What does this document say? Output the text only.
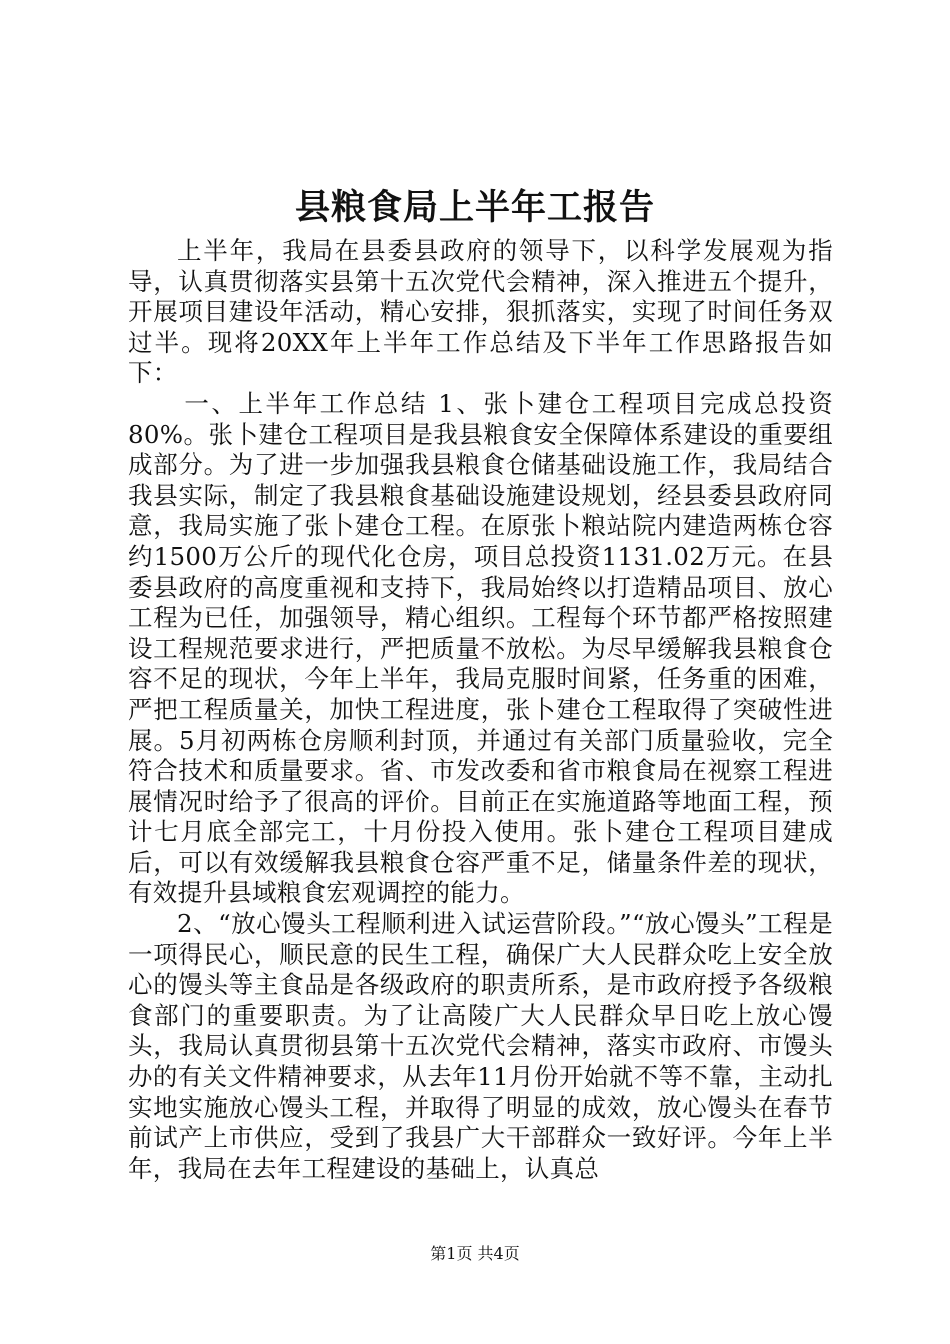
县粮食局上半年工报告

上半年，我局在县委县政府的领导下，以科学发展观为指导，认真贯彻落实县第十五次党代会精神，深入推进五个提升，开展项目建设年活动，精心安排，狠抓落实，实现了时间任务双过半。现将20XX年上半年工作总结及下半年工作思路报告如下：

一、上半年工作总结 1、张卜建仓工程项目完成总投资80%。张卜建仓工程项目是我县粮食安全保障体系建设的重要组成部分。为了进一步加强我县粮食仓储基础设施工作，我局结合我县实际，制定了我县粮食基础设施建设规划，经县委县政府同意，我局实施了张卜建仓工程。在原张卜粮站院内建造两栋仓容约1500万公斤的现代化仓房，项目总投资1131.02万元。在县委县政府的高度重视和支持下，我局始终以打造精品项目、放心工程为已任，加强领导，精心组织。工程每个环节都严格按照建设工程规范要求进行，严把质量不放松。为尽早缓解我县粮食仓容不足的现状，今年上半年，我局克服时间紧，任务重的困难，严把工程质量关，加快工程进度，张卜建仓工程取得了突破性进展。5月初两栋仓房顺利封顶，并通过有关部门质量验收，完全符合技术和质量要求。省、市发改委和省市粮食局在视察工程进展情况时给予了很高的评价。目前正在实施道路等地面工程，预计七月底全部完工，十月份投入使用。张卜建仓工程项目建成后，可以有效缓解我县粮食仓容严重不足，储量条件差的现状，有效提升县域粮食宏观调控的能力。

2、“放心馒头工程顺利进入试运营阶段。”“放心馒头”工程是一项得民心，顺民意的民生工程，确保广大人民群众吃上安全放心的馒头等主食品是各级政府的职责所系，是市政府授予各级粮食部门的重要职责。为了让高陵广大人民群众早日吃上放心馒头，我局认真贯彻县第十五次党代会精神，落实市政府、市馒头办的有关文件精神要求，从去年11月份开始就不等不靠，主动扎实地实施放心馒头工程，并取得了明显的成效，放心馒头在春节前试产上市供应，受到了我县广大干部群众一致好评。今年上半年，我局在去年工程建设的基础上，认真总

第1页 共4页
